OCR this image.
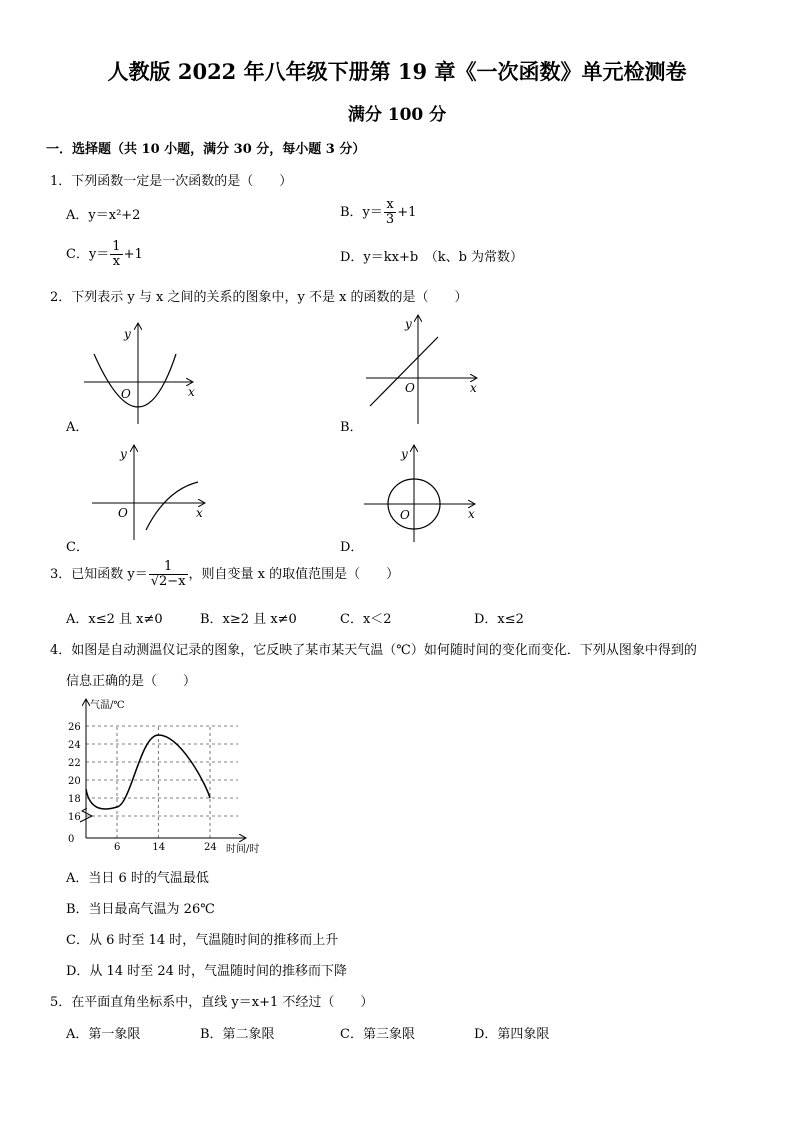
人教版 2022 年八年级下册第 19 章《一次函数》单元检测卷
满分 100 分
一．选择题（共 10 小题，满分 30 分，每小题 3 分）
1．下列函数一定是一次函数的是（　　）
A．y＝x²+2	B．$y= \frac{x}{3} +1$
C．$y= \frac{1}{x} +1$	D．y＝kx+b　（k、b 为常数）
2．下列表示 y 与 x 之间的关系的图象中，y 不是 x 的函数的是（　　）
x
y
O	x
y
O
x
y
O	x
y
O
A．	B．
C．	D．
3．已知函数 $y= \frac{1}{√2-x}$ ，则自变量 x 的取值范围是（　　）
A．x≤2 且 x≠0	B．x≥2 且 x≠0	C．x＜2	D．x≤2
4．如图是自动测温仪记录的图象，它反映了某市某天气温（℃）如何随时间的变化而变化．下列从图象中得到的
信息正确的是（　　）
气温/℃
时间/时
26
24
22
20
18
16
0
6	14	24
A．当日 6 时的气温最低
B．当日最高气温为 26℃
C．从 6 时至 14 时，气温随时间的推移而上升
D．从 14 时至 24 时，气温随时间的推移而下降
5．在平面直角坐标系中，直线 y＝x+1 不经过（　　）
A．第一象限	B．第二象限	C．第三象限	D．第四象限
